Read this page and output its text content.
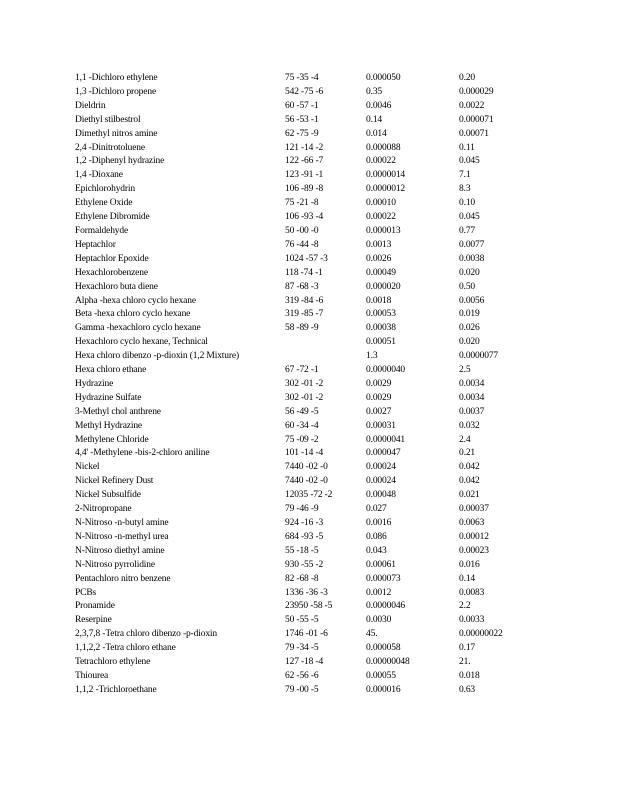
1,1 -Dichloro ethylene	75 -35 -4	0.000050	0.20
1,3 -Dichloro propene	542 -75 -6	0.35	0.000029
Dieldrin	60 -57 -1	0.0046	0.0022
Diethyl stilbestrol	56 -53 -1	0.14	0.000071
Dimethyl nitros amine	62 -75 -9	0.014	0.00071
2,4 -Dinitrotoluene	121 -14 -2	0.000088	0.11
1,2 -Diphenyl hydrazine	122 -66 -7	0.00022	0.045
1,4 -Dioxane	123 -91 -1	0.0000014	7.1
Epichlorohydrin	106 -89 -8	0.0000012	8.3
Ethylene Oxide	75 -21 -8	0.00010	0.10
Ethylene Dibromide	106 -93 -4	0.00022	0.045
Formaldehyde	50 -00 -0	0.000013	0.77
Heptachlor	76 -44 -8	0.0013	0.0077
Heptachlor Epoxide	1024 -57 -3	0.0026	0.0038
Hexachlorobenzene	118 -74 -1	0.00049	0.020
Hexachloro buta diene	87 -68 -3	0.000020	0.50
Alpha -hexa chloro cyclo hexane	319 -84 -6	0.0018	0.0056
Beta -hexa chloro cyclo hexane	319 -85 -7	0.00053	0.019
Gamma -hexachloro cyclo hexane	58 -89 -9	0.00038	0.026
Hexachloro cyclo hexane, Technical		0.00051	0.020
Hexa chloro dibenzo -p-dioxin (1,2 Mixture)		1.3	0.0000077
Hexa chloro ethane	67 -72 -1	0.0000040	2.5
Hydrazine	302 -01 -2	0.0029	0.0034
Hydrazine Sulfate	302 -01 -2	0.0029	0.0034
3-Methyl chol anthrene	56 -49 -5	0.0027	0.0037
Methyl Hydrazine	60 -34 -4	0.00031	0.032
Methylene Chloride	75 -09 -2	0.0000041	2.4
4,4' -Methylene -bis-2-chloro aniline	101 -14 -4	0.000047	0.21
Nickel	7440 -02 -0	0.00024	0.042
Nickel Refinery Dust	7440 -02 -0	0.00024	0.042
Nickel Subsulfide	12035 -72 -2	0.00048	0.021
2-Nitropropane	79 -46 -9	0.027	0.00037
N-Nitroso -n-butyl amine	924 -16 -3	0.0016	0.0063
N-Nitroso -n-methyl urea	684 -93 -5	0.086	0.00012
N-Nitroso diethyl amine	55 -18 -5	0.043	0.00023
N-Nitroso pyrrolidine	930 -55 -2	0.00061	0.016
Pentachloro nitro benzene	82 -68 -8	0.000073	0.14
PCBs	1336 -36 -3	0.0012	0.0083
Pronamide	23950 -58 -5	0.0000046	2.2
Reserpine	50 -55 -5	0.0030	0.0033
2,3,7,8 -Tetra chloro dibenzo -p-dioxin	1746 -01 -6	45.	0.00000022
1,1,2,2 -Tetra chloro ethane	79 -34 -5	0.000058	0.17
Tetrachloro ethylene	127 -18 -4	0.00000048	21.
Thiourea	62 -56 -6	0.00055	0.018
1,1,2 -Trichloroethane	79 -00 -5	0.000016	0.63
